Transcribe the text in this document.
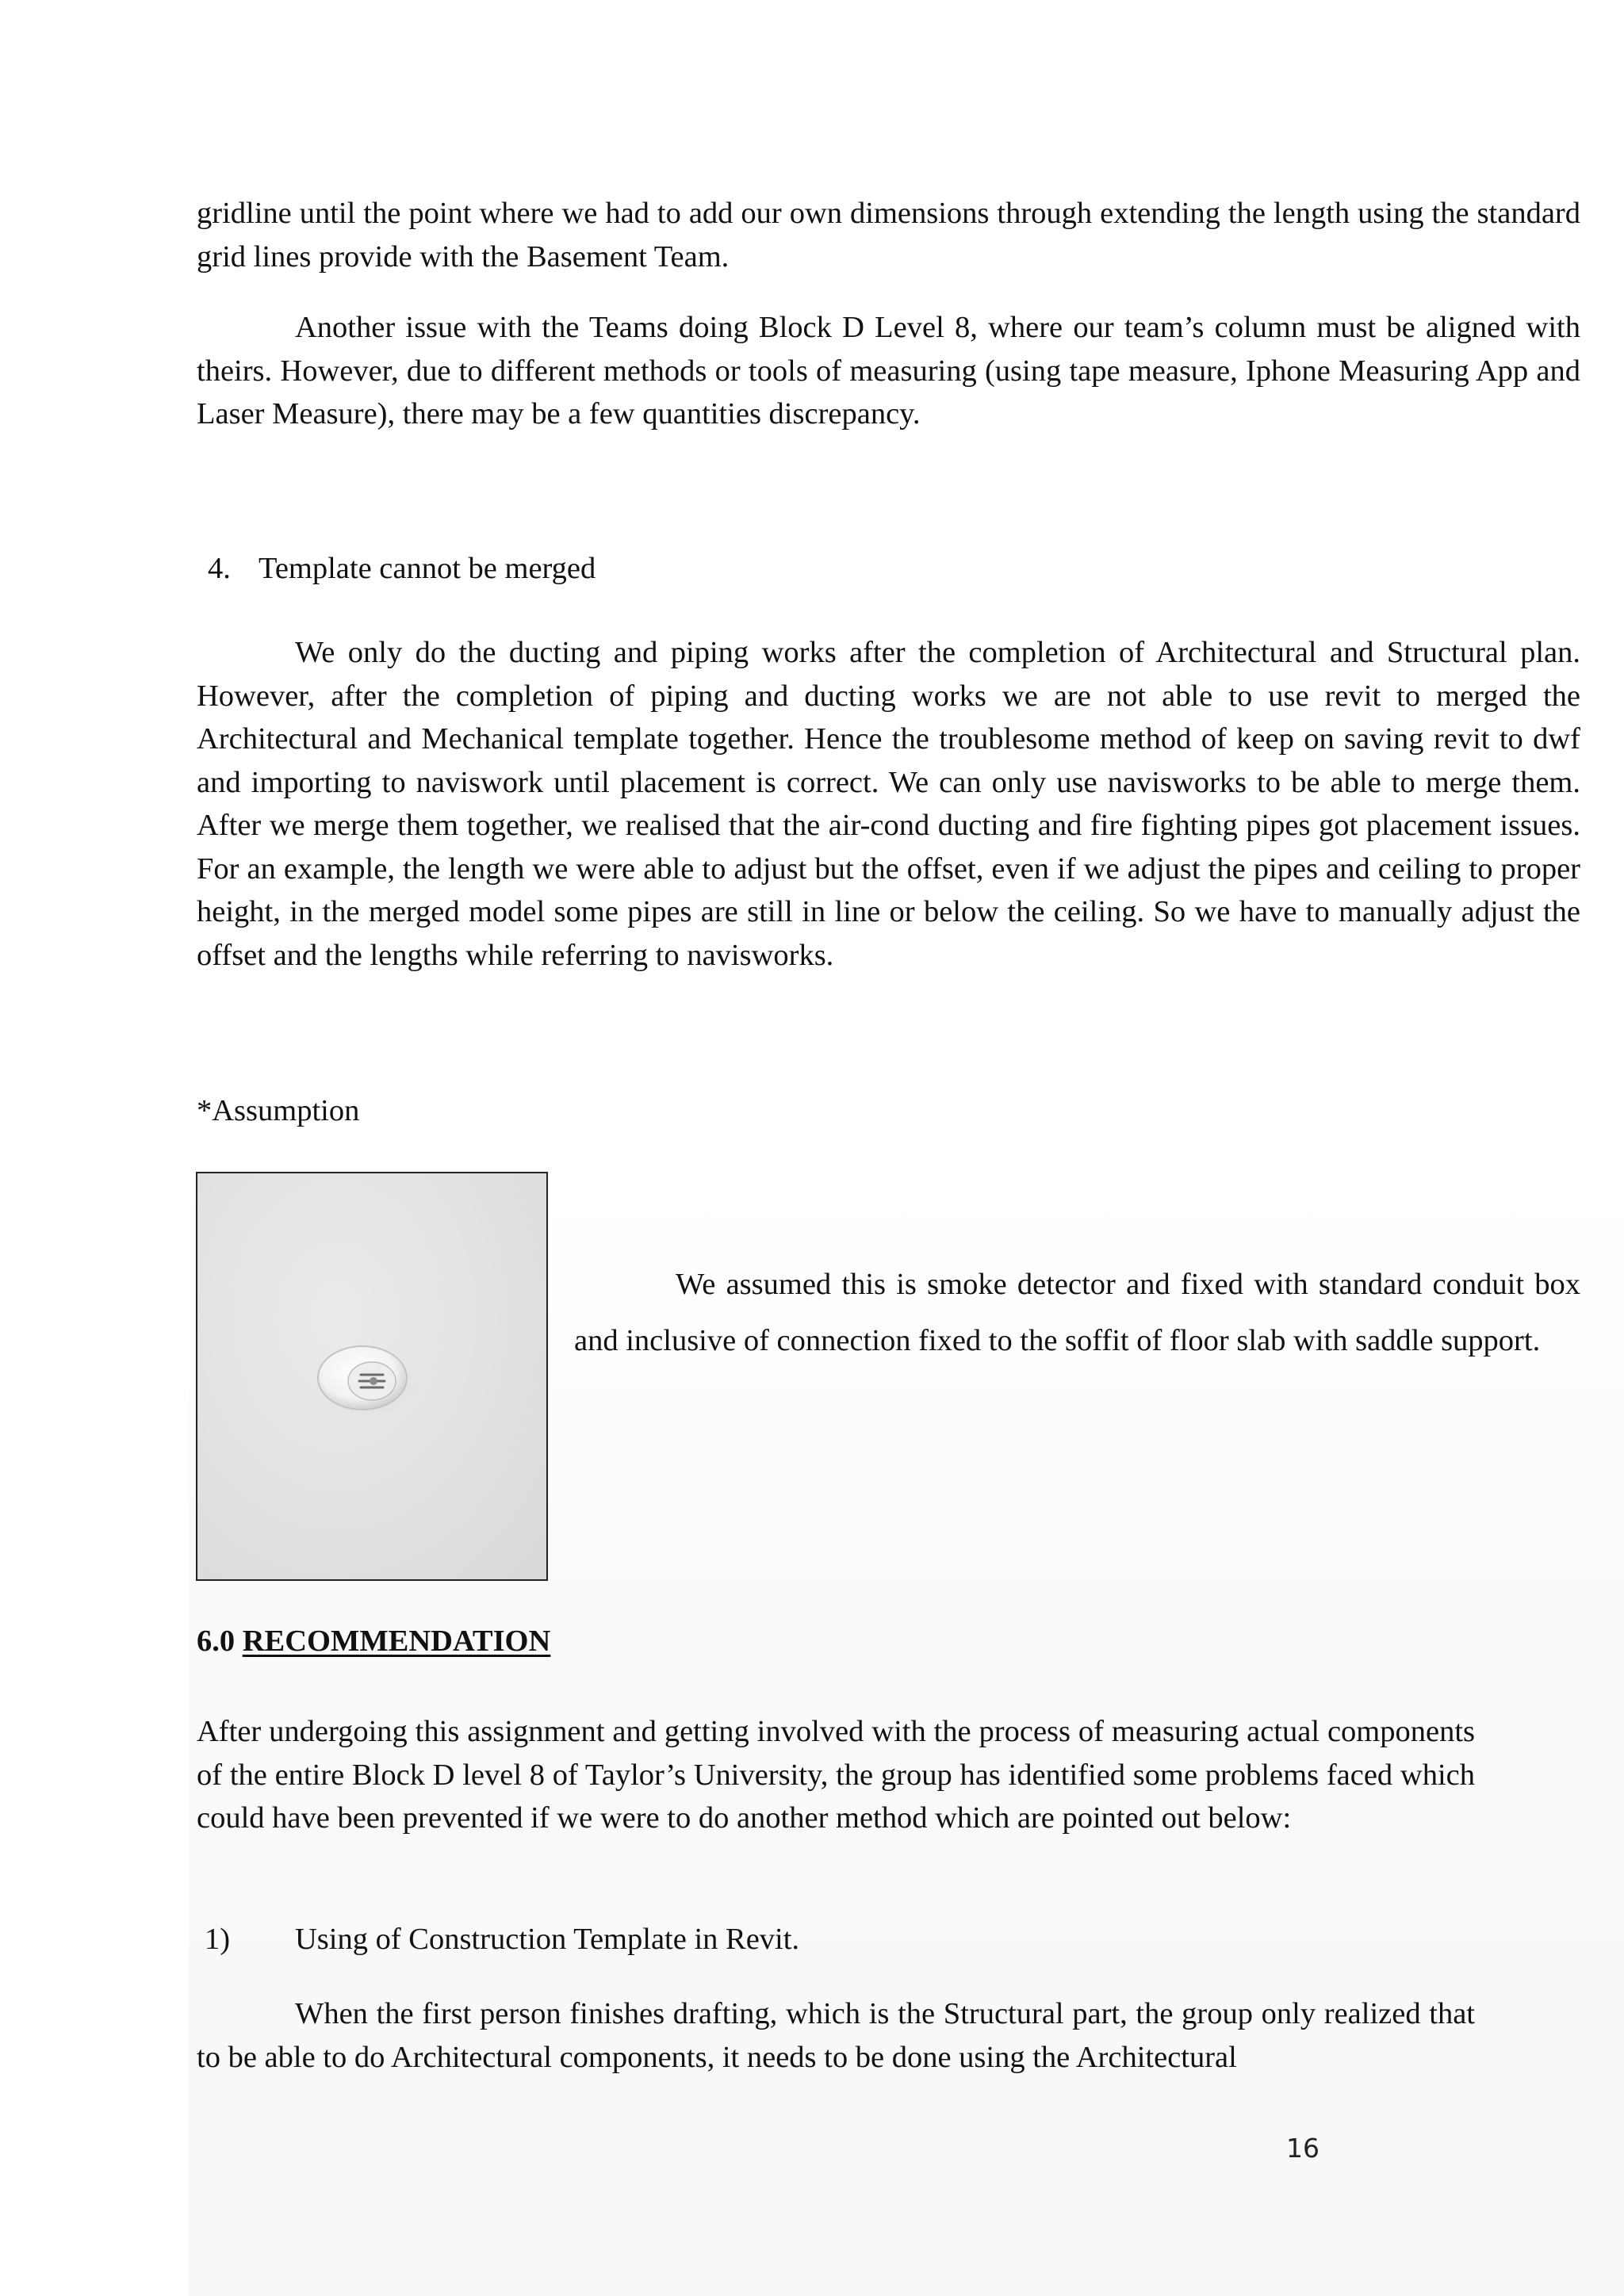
gridline until the point where we had to add our own dimensions through extending the length using the standard grid lines provide with the Basement Team.

Another issue with the Teams doing Block D Level 8, where our team’s column must be aligned with theirs. However, due to different methods or tools of measuring (using tape measure, Iphone Measuring App and Laser Measure), there may be a few quantities discrepancy.

4. Template cannot be merged

We only do the ducting and piping works after the completion of Architectural and Structural plan. However, after the completion of piping and ducting works we are not able to use revit to merged the Architectural and Mechanical template together. Hence the troublesome method of keep on saving revit to dwf and importing to naviswork until placement is correct. We can only use navisworks to be able to merge them. After we merge them together, we realised that the air-cond ducting and fire fighting pipes got placement issues. For an example, the length we were able to adjust but the offset, even if we adjust the pipes and ceiling to proper height, in the merged model some pipes are still in line or below the ceiling. So we have to manually adjust the offset and the lengths while referring to navisworks.

*Assumption

We assumed this is smoke detector and fixed with standard conduit box and inclusive of connection fixed to the soffit of floor slab with saddle support.

6.0 RECOMMENDATION

After undergoing this assignment and getting involved with the process of measuring actual components of the entire Block D level 8 of Taylor’s University, the group has identified some problems faced which could have been prevented if we were to do another method which are pointed out below:

1) Using of Construction Template in Revit.

When the first person finishes drafting, which is the Structural part, the group only realized that to be able to do Architectural components, it needs to be done using the Architectural

16
